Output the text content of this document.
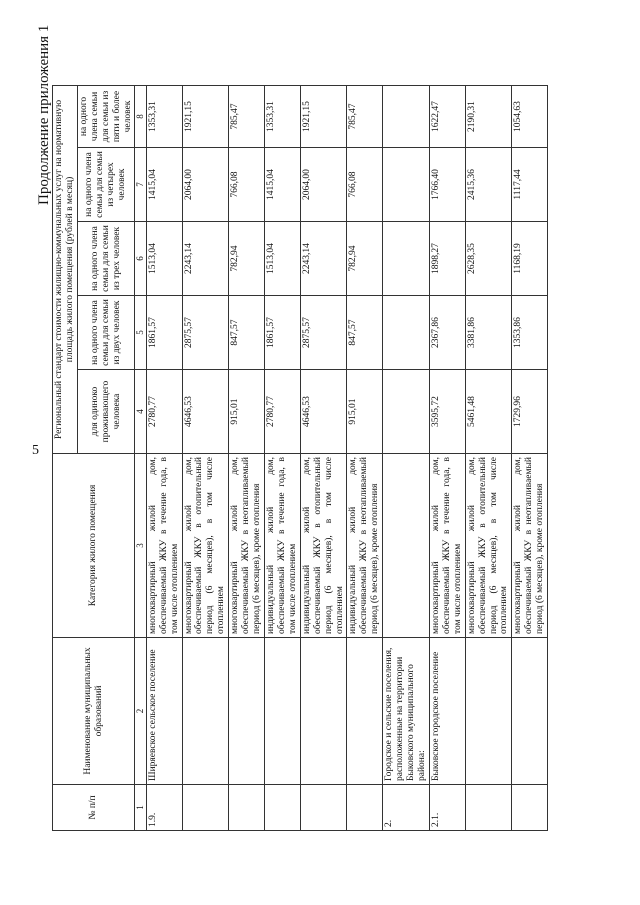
5
Продолжение приложения 1
№ п/п	Наименование муниципальных образований	Категория жилого помещения	Региональный стандарт стоимости жилищно-коммунальных услуг на нормативную площадь жилого помещения (рублей в месяц)				
			для одиноко проживающего человека	на одного члена семьи для семьи из двух человек	на одного члена семьи для семьи из трех человек	на одного члена семьи для семьи из четырех человек	на одного члена семьи для семьи из пяти и более человек
1	2	3	4	5	6	7	8
1.9.	Ширяевское сельское поселение	многоквартирный жилой дом, обеспечиваемый ЖКУ в течение года, в том числе отоплением	2780,77	1861,57	1513,04	1415,04	1353,31
		многоквартирный жилой дом, обеспечиваемый ЖКУ в отопительный период (6 месяцев), в том числе отоплением	4646,53	2875,57	2243,14	2064,00	1921,15
		многоквартирный жилой дом, обеспечиваемый ЖКУ в неотапливаемый период (6 месяцев), кроме отопления	915,01	847,57	782,94	766,08	785,47
		индивидуальный жилой дом, обеспечиваемый ЖКУ в течение года, в том числе отоплением	2780,77	1861,57	1513,04	1415,04	1353,31
		индивидуальный жилой дом, обеспечиваемый ЖКУ в отопительный период (6 месяцев), в том числе отоплением	4646,53	2875,57	2243,14	2064,00	1921,15
		индивидуальный жилой дом, обеспечиваемый ЖКУ в неотапливаемый период (6 месяцев), кроме отопления	915,01	847,57	782,94	766,08	785,47
2.	Городское и сельские поселения, расположенные на территории Быковского муниципального района:						
2.1.	Быковское городское поселение	многоквартирный жилой дом, обеспечиваемый ЖКУ в течение года, в том числе отоплением	3595,72	2367,86	1898,27	1766,40	1622,47
		многоквартирный жилой дом, обеспечиваемый ЖКУ в отопительный период (6 месяцев), в том числе отоплением	5461,48	3381,86	2628,35	2415,36	2190,31
		многоквартирный жилой дом, обеспечиваемый ЖКУ в неотапливаемый период (6 месяцев), кроме отопления	1729,96	1353,86	1168,19	1117,44	1054,63
